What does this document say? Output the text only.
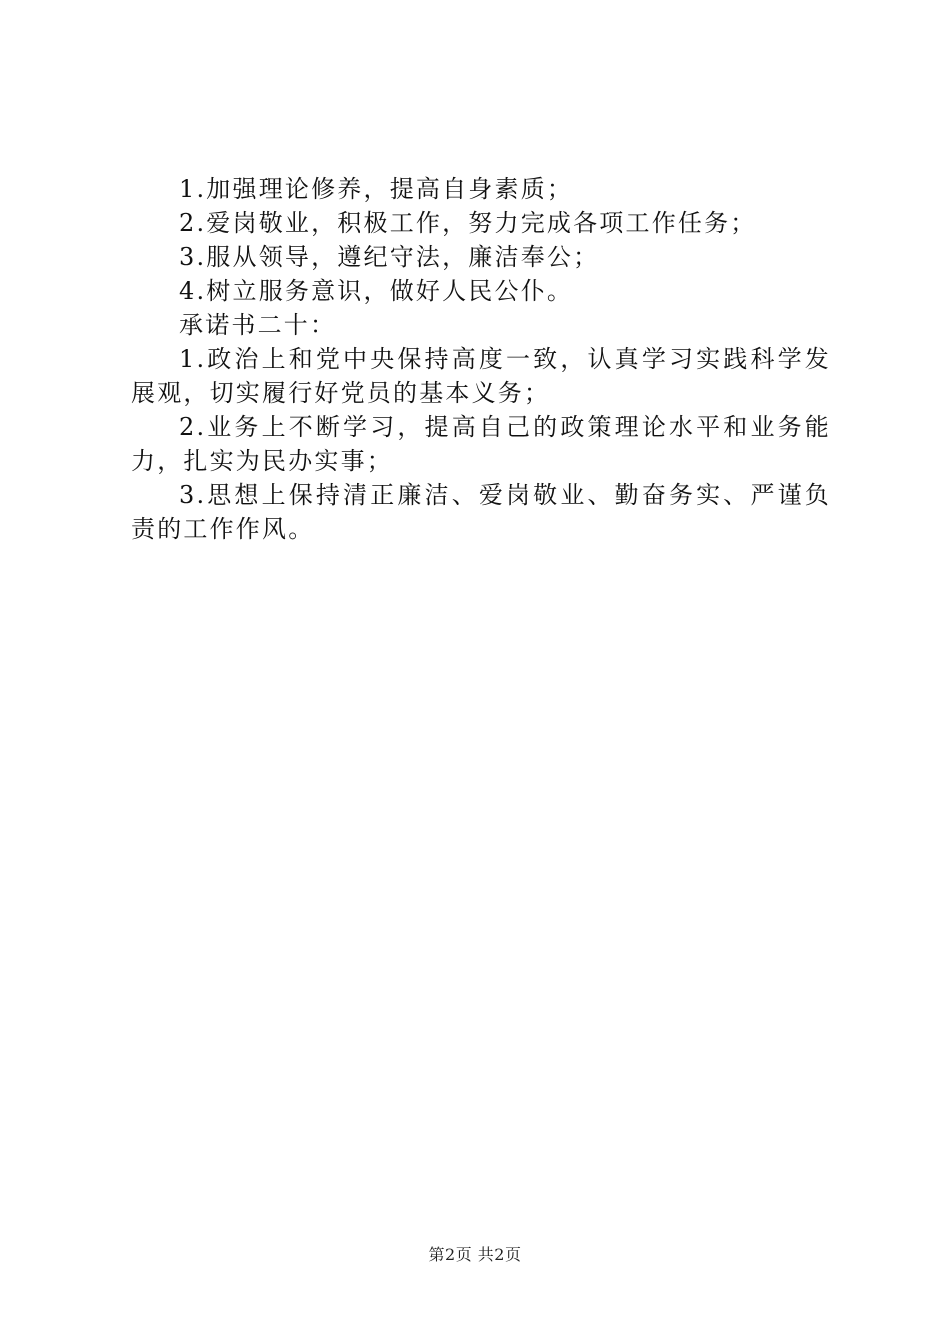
1.加强理论修养，提高自身素质；

2.爱岗敬业，积极工作，努力完成各项工作任务；

3.服从领导，遵纪守法，廉洁奉公；

4.树立服务意识，做好人民公仆。

承诺书二十：

1.政治上和党中央保持高度一致，认真学习实践科学发展观，切实履行好党员的基本义务；

2.业务上不断学习，提高自己的政策理论水平和业务能力，扎实为民办实事；

3.思想上保持清正廉洁、爱岗敬业、勤奋务实、严谨负责的工作作风。

第2页 共2页
